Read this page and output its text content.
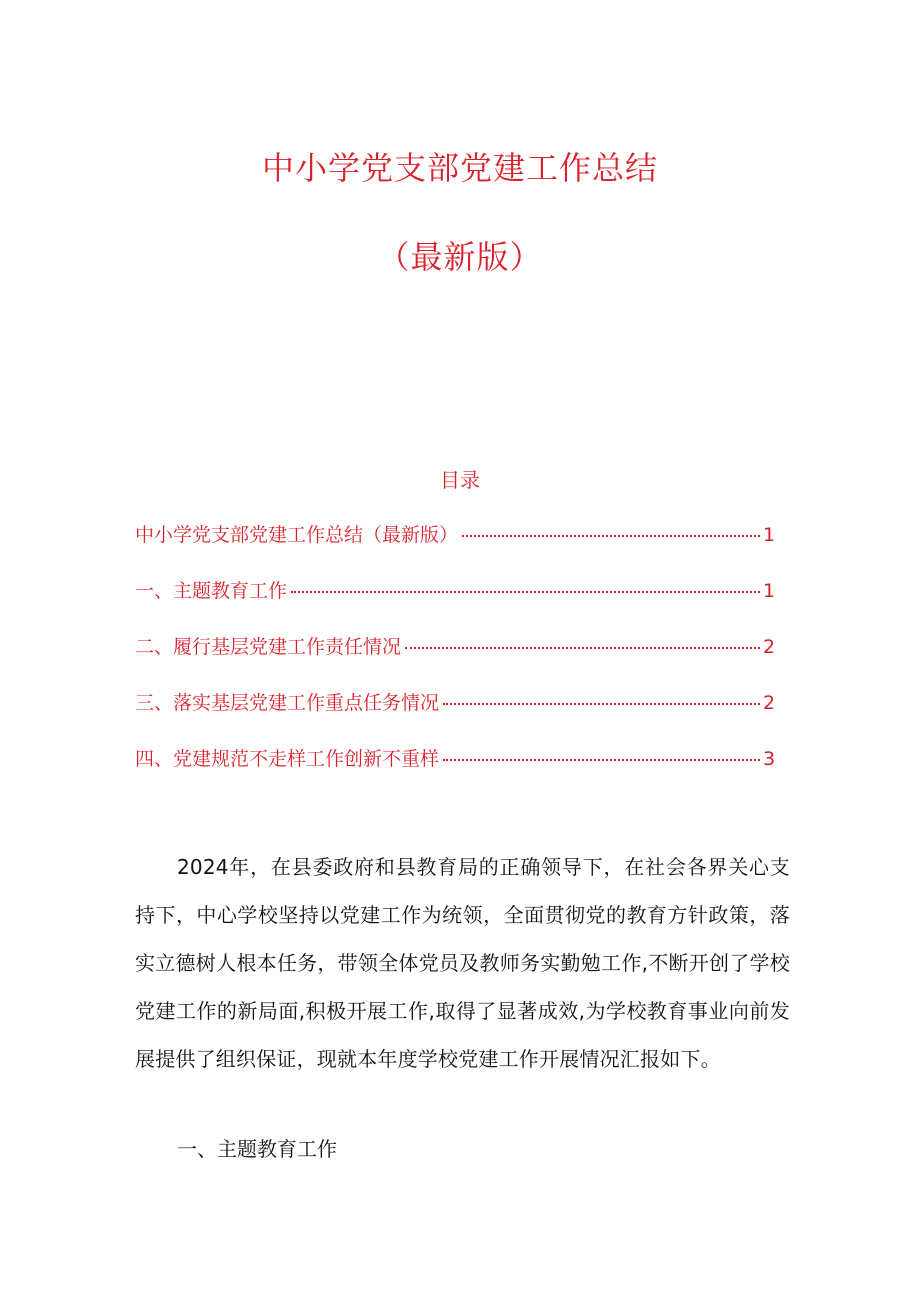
中小学党支部党建工作总结
（最新版）
目录
中小学党支部党建工作总结（最新版）	1
一、主题教育工作	1
二、履行基层党建工作责任情况	2
三、落实基层党建工作重点任务情况	2
四、党建规范不走样工作创新不重样	3

2024年，在县委政府和县教育局的正确领导下，在社会各界关心支持下，中心学校坚持以党建工作为统领，全面贯彻党的教育方针政策，落实立德树人根本任务，带领全体党员及教师务实勤勉工作,不断开创了学校党建工作的新局面,积极开展工作,取得了显著成效,为学校教育事业向前发展提供了组织保证，现就本年度学校党建工作开展情况汇报如下。

一、主题教育工作
